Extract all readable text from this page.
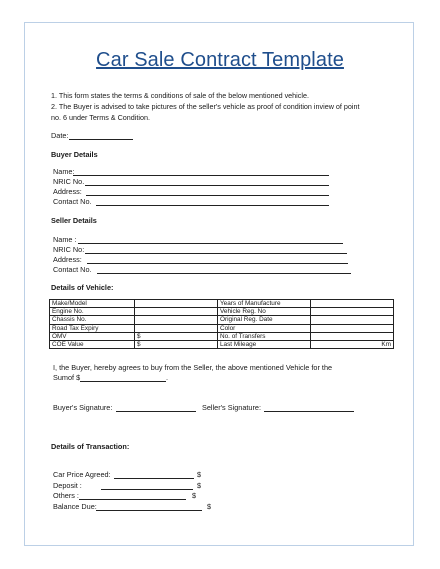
Car Sale Contract Template
1. This form states the terms & conditions of sale of the below mentioned vehicle.
2. The Buyer is advised to take pictures of the seller's vehicle as proof of condition inview of point
no. 6 under Terms & Condition.
Date:
Buyer Details
Name:
NRIC No.
Address:
Contact No.
Seller Details
Name :
NRIC No:
Address:
Contact No.
Details of Vehicle:
Make/Model		Years of Manufacture	
Engine No.		Vehicle Reg. No	
Chassis No.		Original Reg. Date	
Road Tax Expiry		Color	
OMV	$	No. of Transfers	
COE Value	$	Last Mileage	Km
I, the Buyer, hereby agrees to buy from the Seller, the above mentioned Vehicle for the
Sumof $	.
Buyer's Signature:	Seller's Signature:
Details of Transaction:
Car Price Agreed:	$
Deposit :	$
Others :	$
Balance Due:	$
